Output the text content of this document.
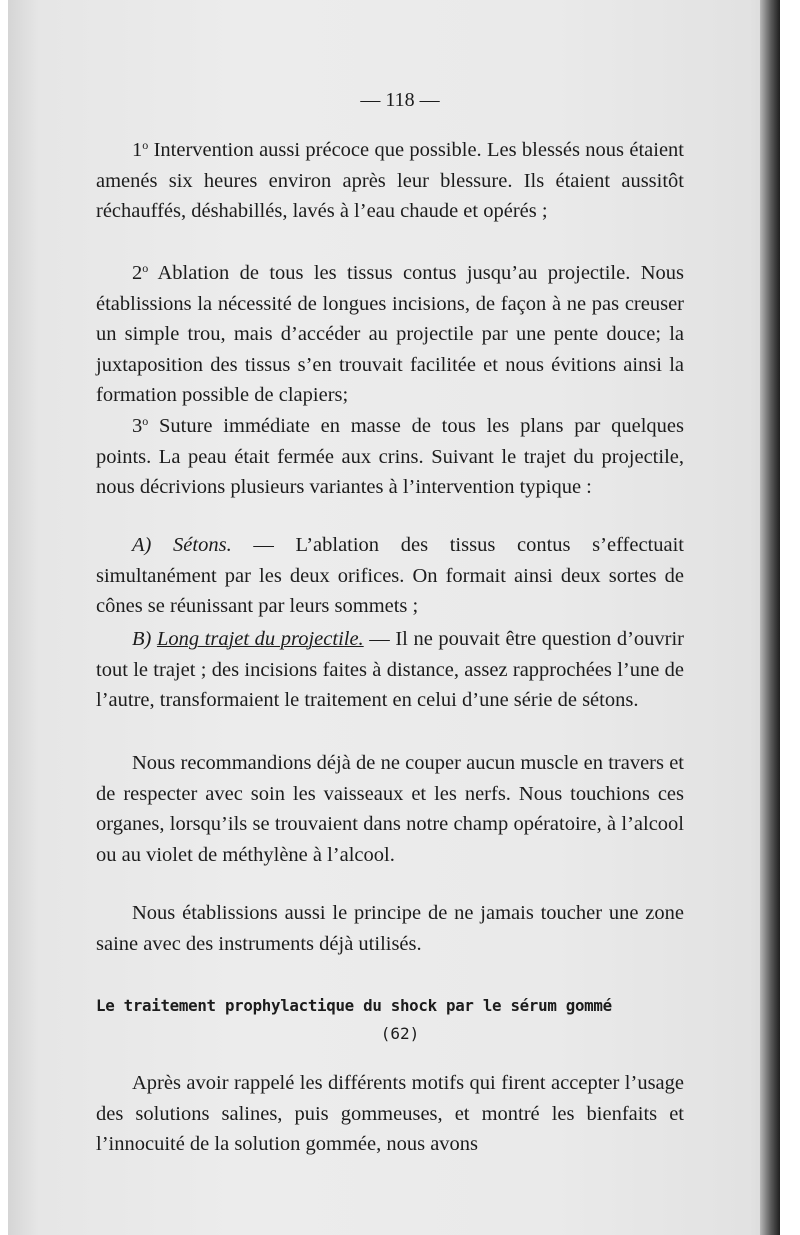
— 118 —

1$^o$ Intervention aussi précoce que possible. Les blessés nous étaient amenés six heures environ après leur blessure. Ils étaient aussitôt réchauffés, déshabillés, lavés à l’eau chaude et opérés ;

2$^o$ Ablation de tous les tissus contus jusqu’au projectile. Nous établissions la nécessité de longues incisions, de façon à ne pas creuser un simple trou, mais d’accéder au projectile par une pente douce; la juxtaposition des tissus s’en trouvait facilitée et nous évitions ainsi la formation possible de clapiers;

3$^o$ Suture immédiate en masse de tous les plans par quelques points. La peau était fermée aux crins. Suivant le trajet du projectile, nous décrivions plusieurs variantes à l’intervention typique :

A) Sétons. — L’ablation des tissus contus s’effectuait simultanément par les deux orifices. On formait ainsi deux sortes de cônes se réunissant par leurs sommets ;

B) Long trajet du projectile. — Il ne pouvait être question d’ouvrir tout le trajet ; des incisions faites à distance, assez rapprochées l’une de l’autre, transformaient le traitement en celui d’une série de sétons.

Nous recommandions déjà de ne couper aucun muscle en travers et de respecter avec soin les vaisseaux et les nerfs. Nous touchions ces organes, lorsqu’ils se trouvaient dans notre champ opératoire, à l’alcool ou au violet de méthylène à l’alcool.

Nous établissions aussi le principe de ne jamais toucher une zone saine avec des instruments déjà utilisés.

Le traitement prophylactique du shock par le sérum gommé
(62)

Après avoir rappelé les différents motifs qui firent accepter l’usage des solutions salines, puis gommeuses, et montré les bienfaits et l’innocuité de la solution gommée, nous avons
